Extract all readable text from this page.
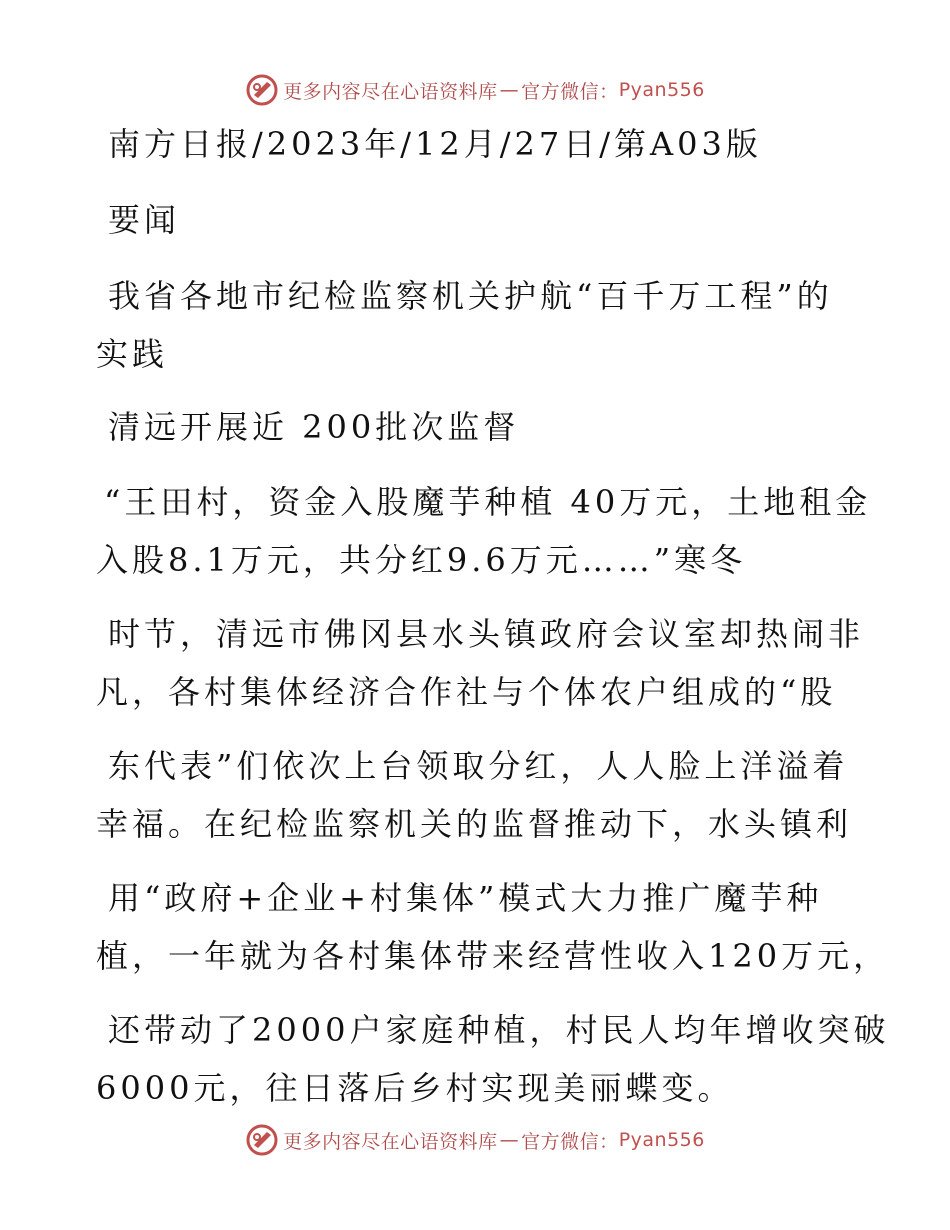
更多内容尽在心语资料库 — 官方微信： Pyan556

南方日报/2023年/12月/27日/第A03版

要闻

我省各地市纪检监察机关护航“百千万工程”的

实践

清远开展近 200批次监督

“王田村，资金入股魔芋种植 40万元，土地租金

入股8.1万元，共分红9.6万元……”寒冬

时节，清远市佛冈县水头镇政府会议室却热闹非

凡，各村集体经济合作社与个体农户组成的“股

东代表”们依次上台领取分红，人人脸上洋溢着

幸福。在纪检监察机关的监督推动下，水头镇利

用“政府+企业+村集体”模式大力推广魔芋种

植，一年就为各村集体带来经营性收入120万元，

还带动了2000户家庭种植，村民人均年增收突破

6000元，往日落后乡村实现美丽蝶变。

更多内容尽在心语资料库 — 官方微信： Pyan556
